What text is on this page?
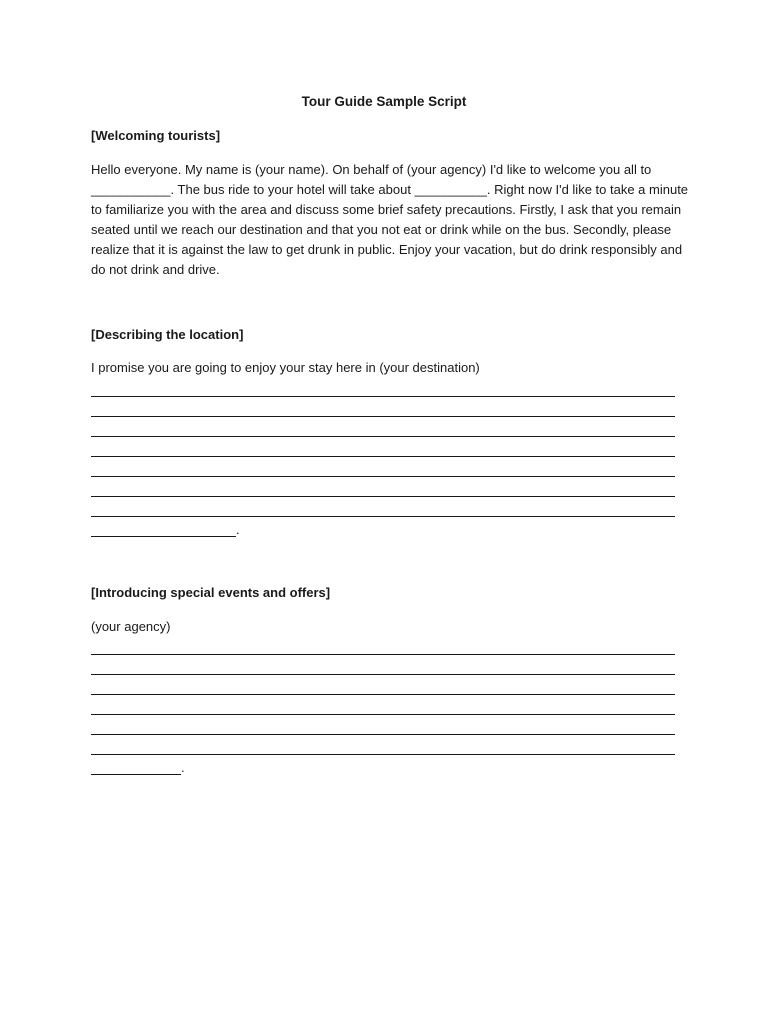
Tour Guide Sample Script
[Welcoming tourists]
Hello everyone. My name is (your name). On behalf of (your agency) I'd like to welcome you all to
___________. The bus ride to your hotel will take about __________. Right now I'd like to take a minute
to familiarize you with the area and discuss some brief safety precautions. Firstly, I ask that you remain
seated until we reach our destination and that you not eat or drink while on the bus. Secondly, please
realize that it is against the law to get drunk in public. Enjoy your vacation, but do drink responsibly and
do not drink and drive.
[Describing the location]
I promise you are going to enjoy your stay here in (your destination)
.
[Introducing special events and offers]
(your agency)
.
